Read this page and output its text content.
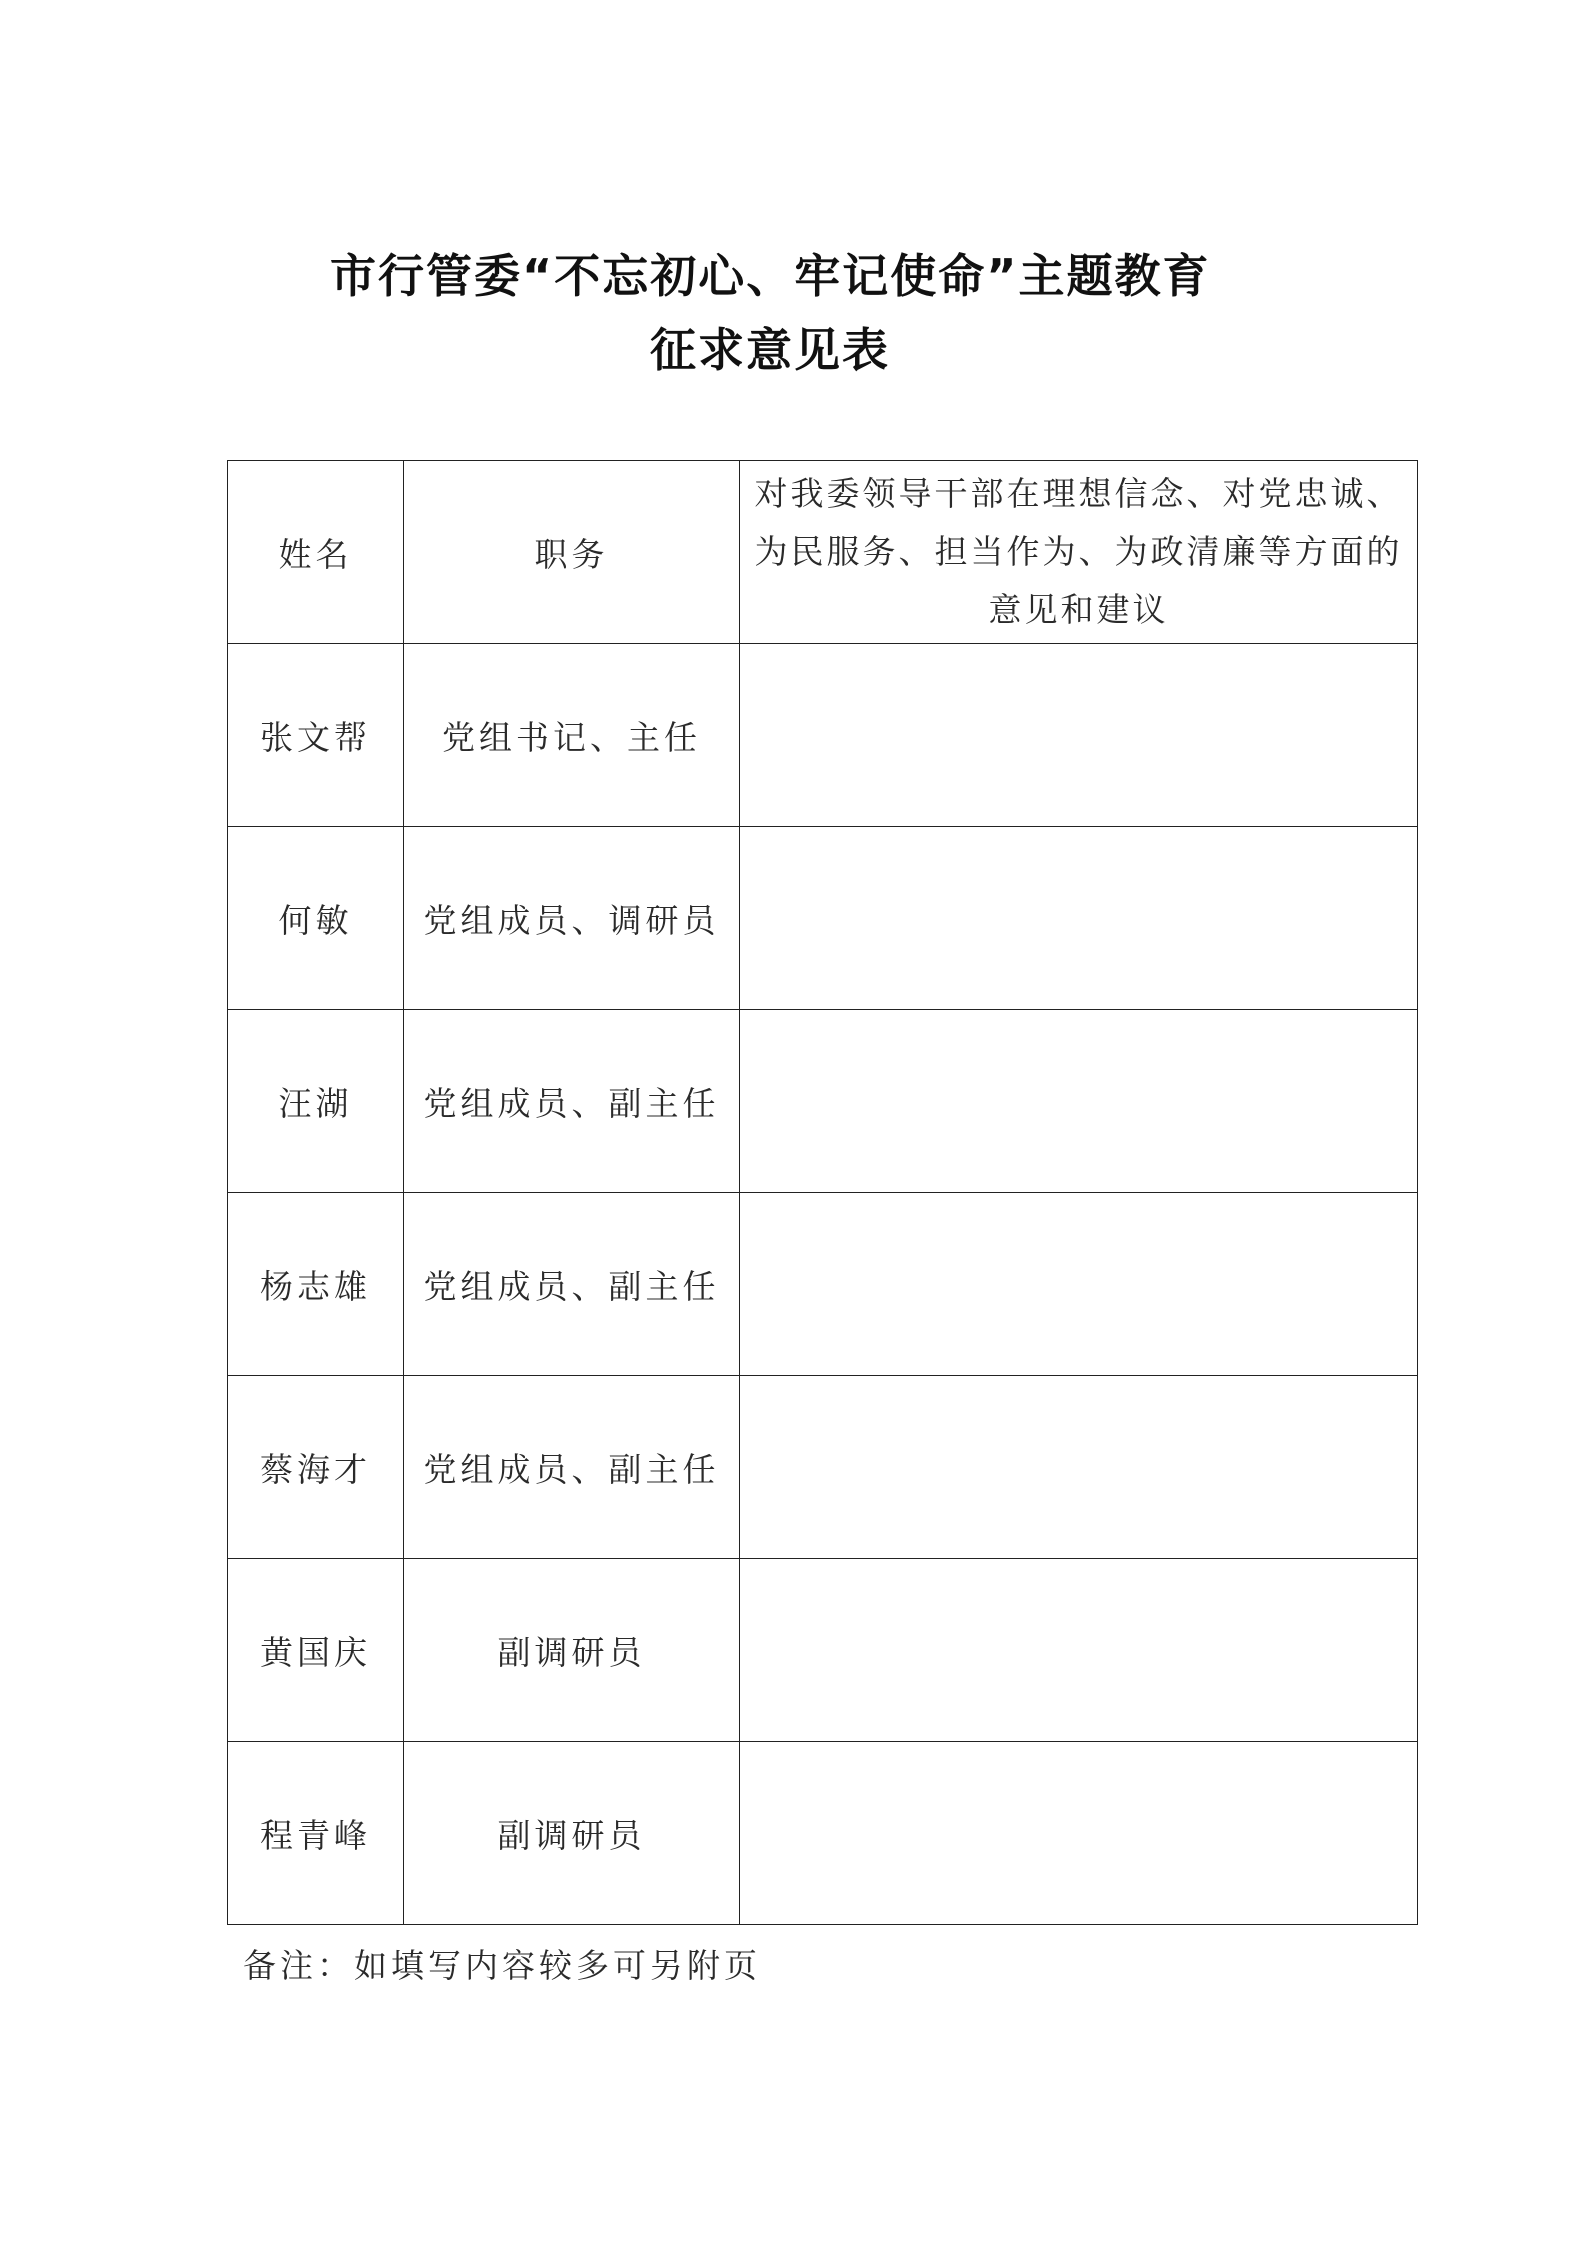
市行管委“不忘初心、牢记使命”主题教育
征求意见表
姓名	职务	对我委领导干部在理想信念、对党忠诚、为民服务、担当作为、为政清廉等方面的意见和建议
张文帮	党组书记、主任	
何敏	党组成员、调研员	
汪湖	党组成员、副主任	
杨志雄	党组成员、副主任	
蔡海才	党组成员、副主任	
黄国庆	副调研员	
程青峰	副调研员	
备注：如填写内容较多可另附页
